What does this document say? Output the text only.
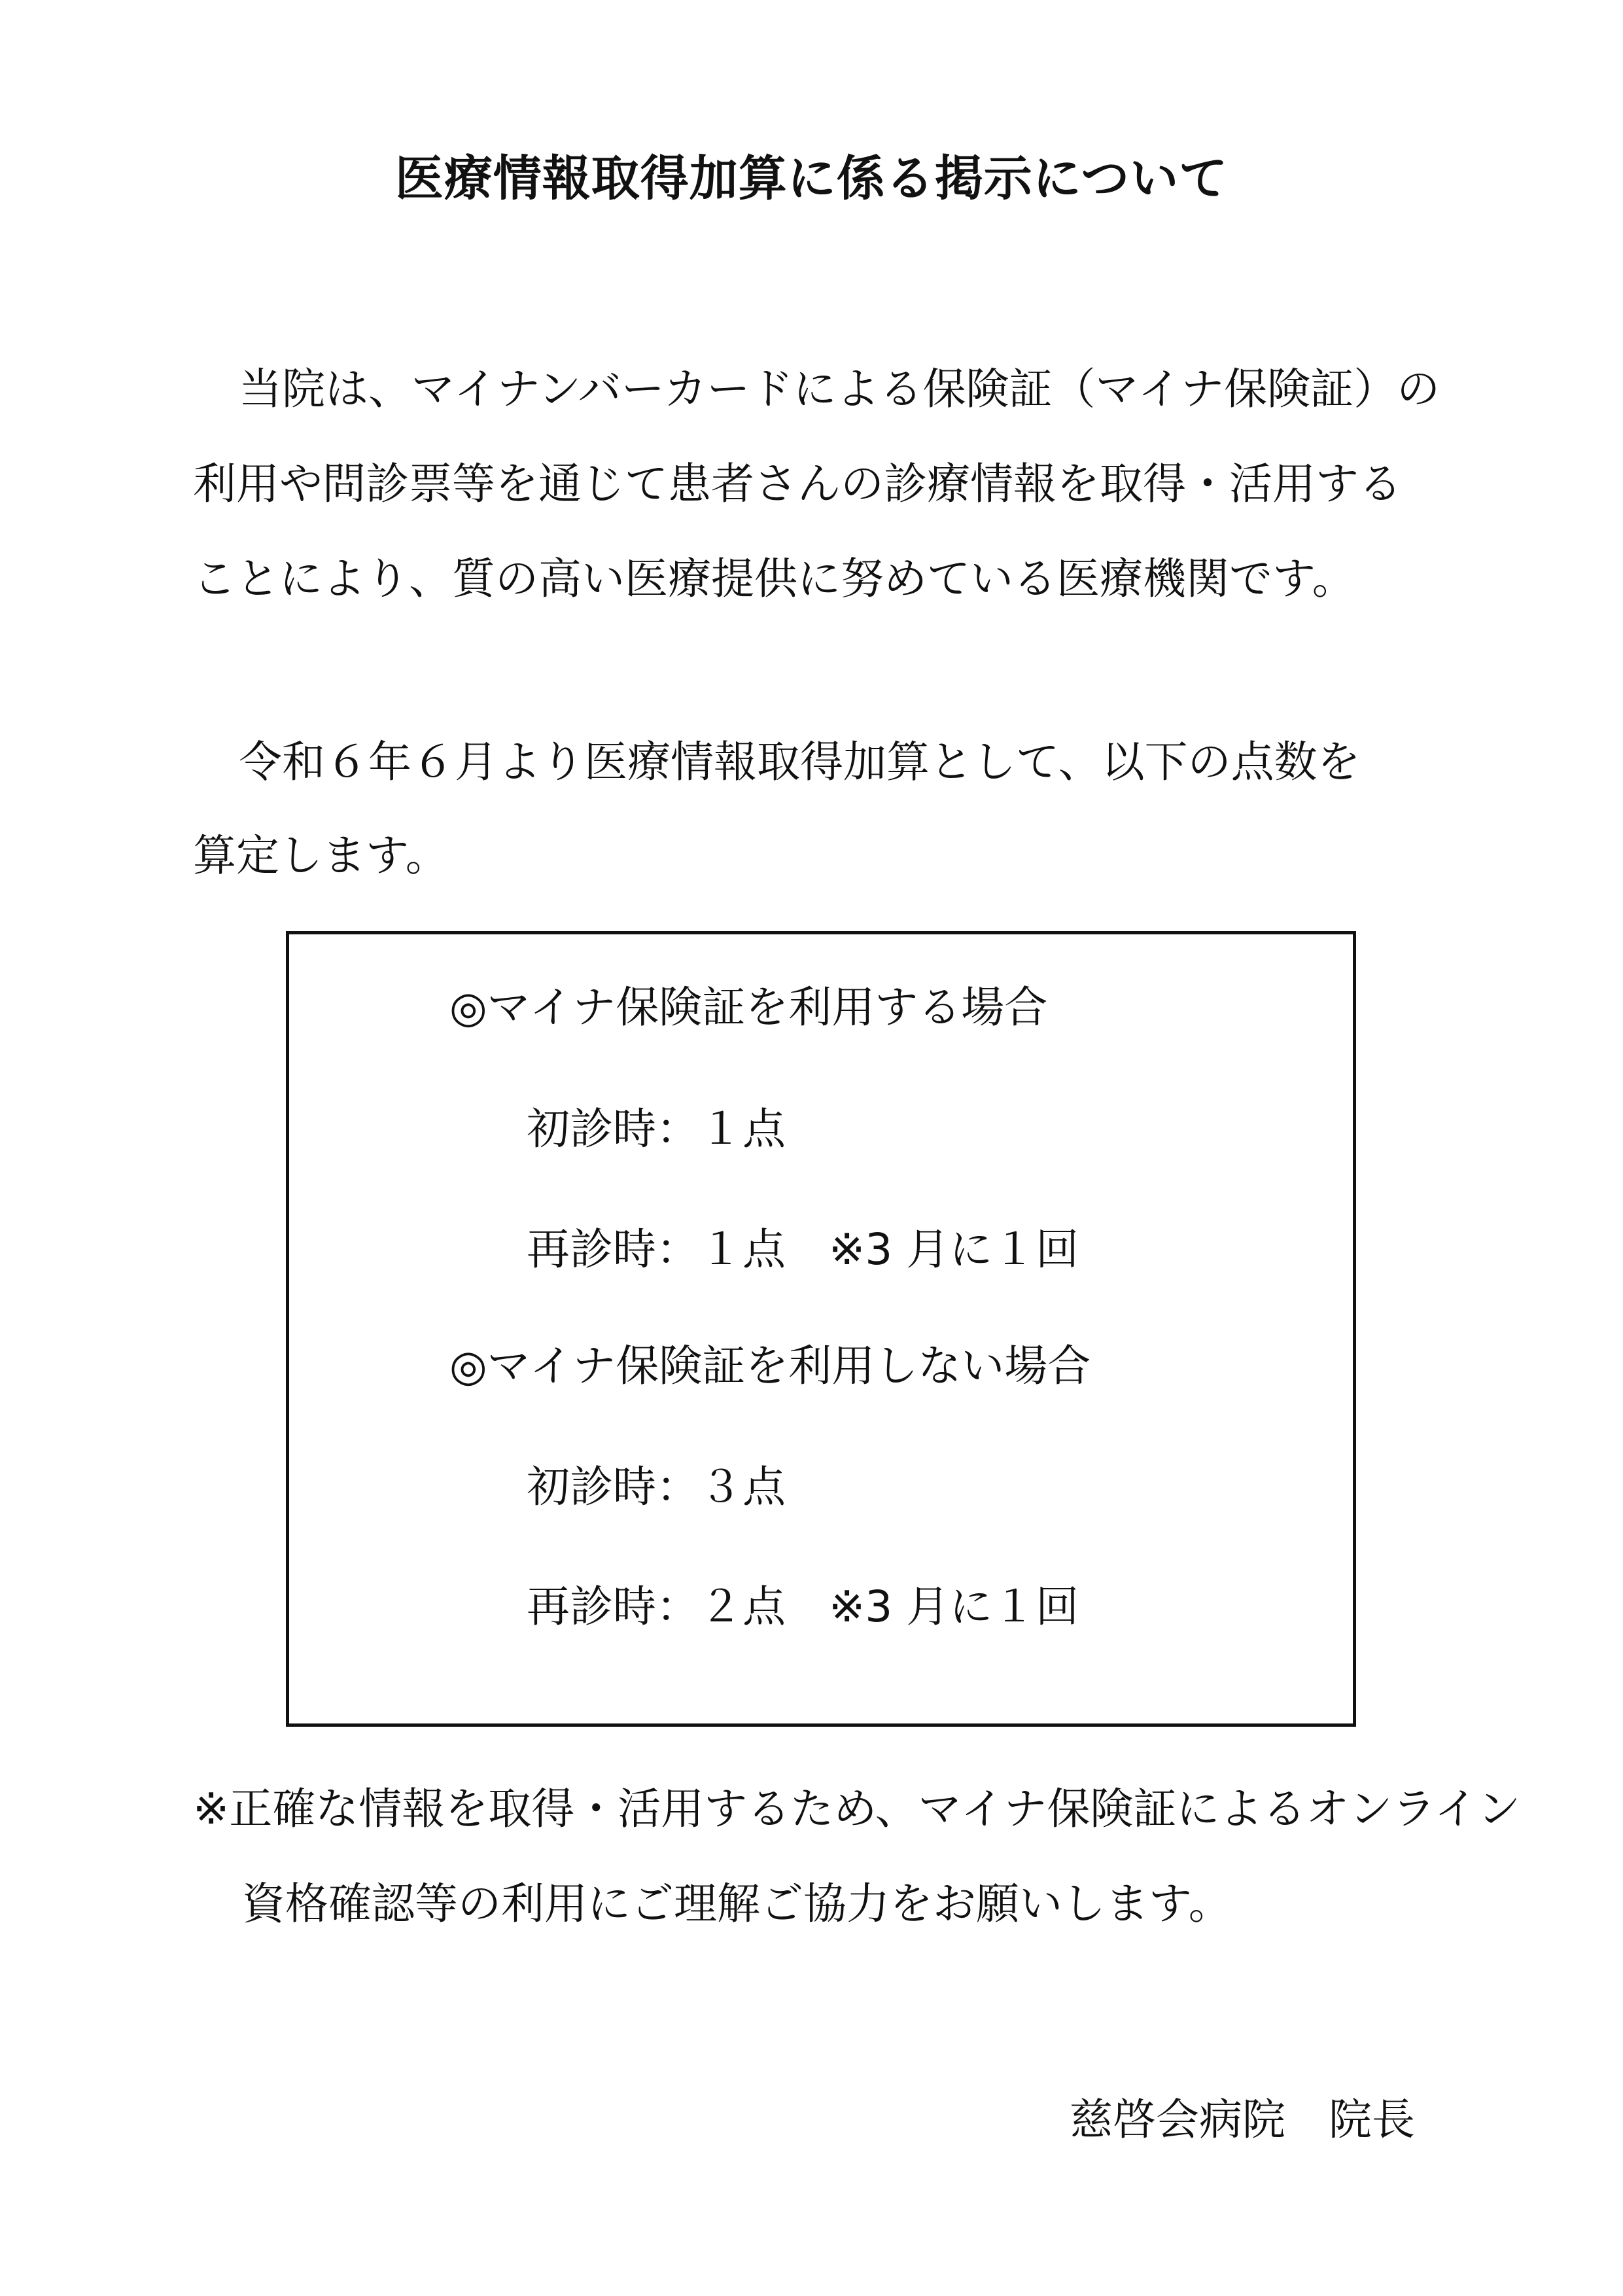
医療情報取得加算に係る掲示について
当院は、マイナンバーカードによる保険証（マイナ保険証）の
利用や問診票等を通じて患者さんの診療情報を取得・活用する
ことにより、質の高い医療提供に努めている医療機関です。
令和６年６月より医療情報取得加算として、以下の点数を
算定します。
◎マイナ保険証を利用する場合
初診時：１点
再診時：１点　※3 月に１回
◎マイナ保険証を利用しない場合
初診時：３点
再診時：２点　※3 月に１回
※正確な情報を取得・活用するため、マイナ保険証によるオンライン
資格確認等の利用にご理解ご協力をお願いします。
慈啓会病院　院長
